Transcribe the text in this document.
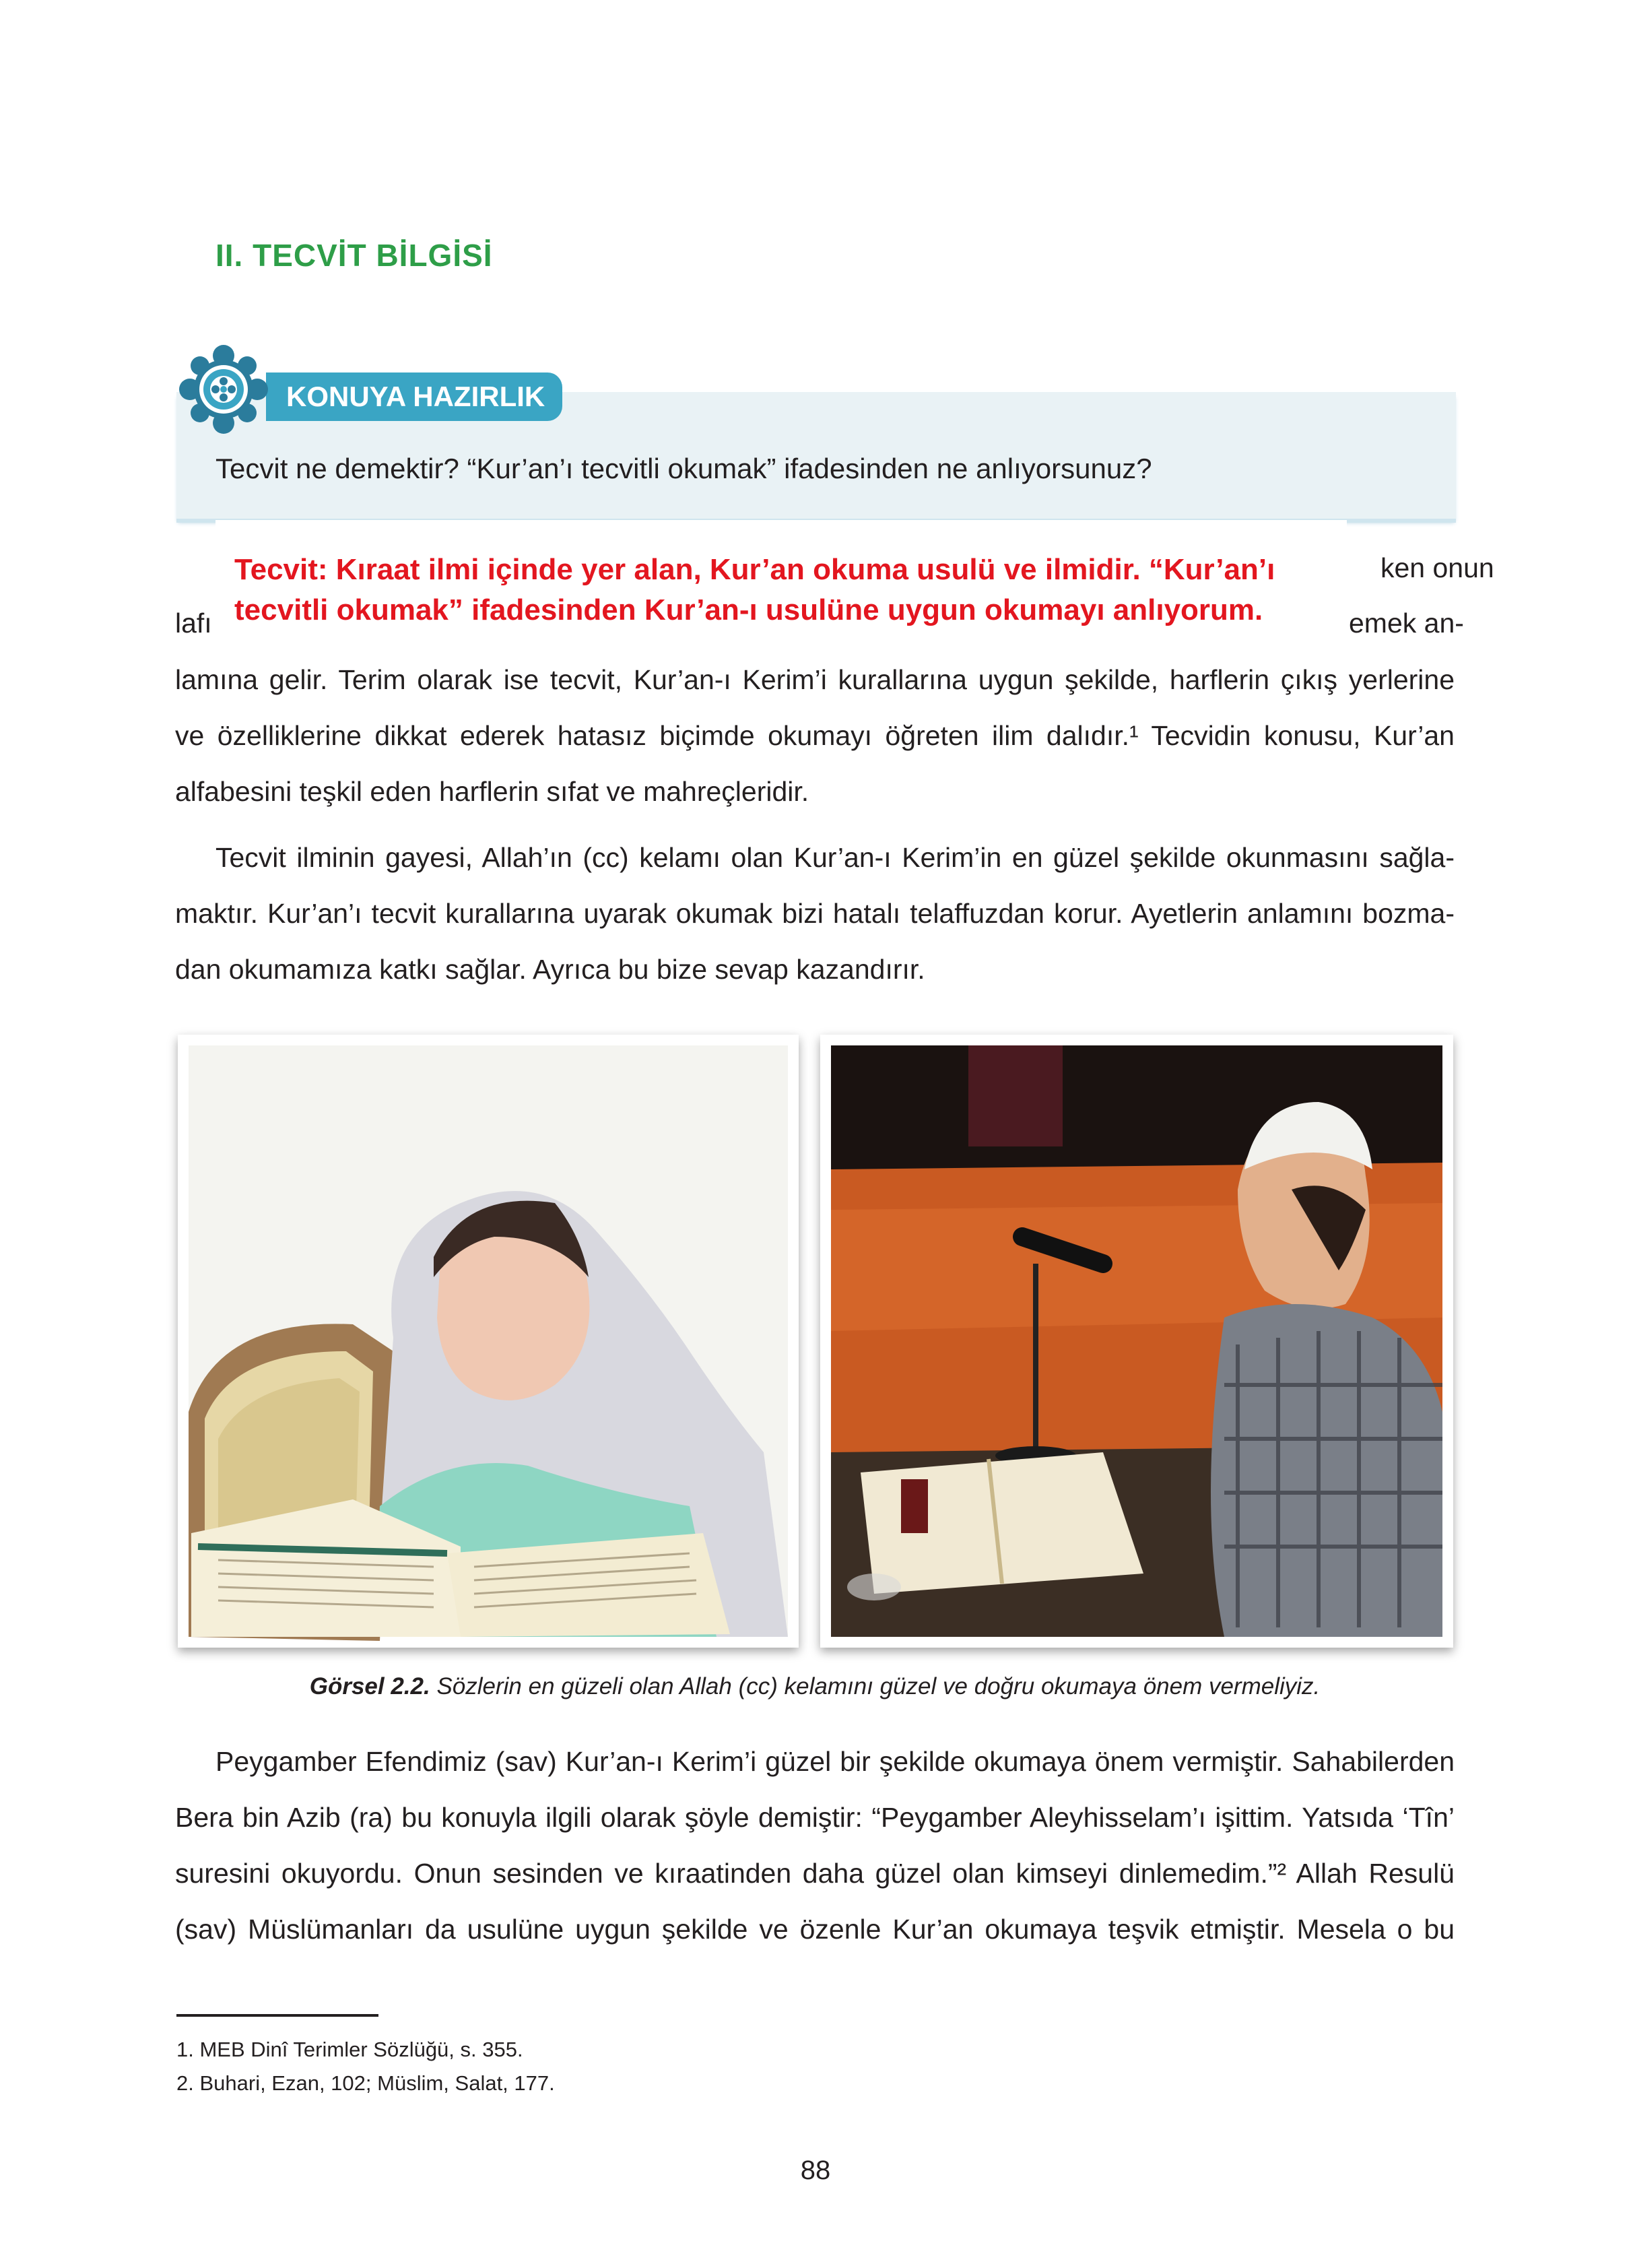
II. TECVİT BİLGİSİ
KONUYA HAZIRLIK
Tecvit ne demektir? “Kur’an’ı tecvitli okumak” ifadesinden ne anlıyorsunuz?
ken onun
lafı	emek an-
Tecvit: Kıraat ilmi içinde yer alan, Kur’an okuma usulü ve ilmidir. “Kur’an’ı
tecvitli okumak” ifadesinden Kur’an-ı usulüne uygun okumayı anlıyorum.
lamına gelir. Terim olarak ise tecvit, Kur’an-ı Kerim’i kurallarına uygun şekilde, harflerin çıkış yerlerine
ve özelliklerine dikkat ederek hatasız biçimde okumayı öğreten ilim dalıdır.¹ Tecvidin konusu, Kur’an
alfabesini teşkil eden harflerin sıfat ve mahreçleridir.
Tecvit ilminin gayesi, Allah’ın (cc) kelamı olan Kur’an-ı Kerim’in en güzel şekilde okunmasını sağla-
maktır. Kur’an’ı tecvit kurallarına uyarak okumak bizi hatalı telaffuzdan korur. Ayetlerin anlamını bozma-
dan okumamıza katkı sağlar. Ayrıca bu bize sevap kazandırır.
Görsel 2.2. Sözlerin en güzeli olan Allah (cc) kelamını güzel ve doğru okumaya önem vermeliyiz.
Peygamber Efendimiz (sav) Kur’an-ı Kerim’i güzel bir şekilde okumaya önem vermiştir. Sahabilerden
Bera bin Azib (ra) bu konuyla ilgili olarak şöyle demiştir: “Peygamber Aleyhisselam’ı işittim. Yatsıda ‘Tîn’
suresini okuyordu. Onun sesinden ve kıraatinden daha güzel olan kimseyi dinlemedim.”² Allah Resulü
(sav) Müslümanları da usulüne uygun şekilde ve özenle Kur’an okumaya teşvik etmiştir. Mesela o bu
1. MEB Dinî Terimler Sözlüğü, s. 355.
2. Buhari, Ezan, 102; Müslim, Salat, 177.
88
